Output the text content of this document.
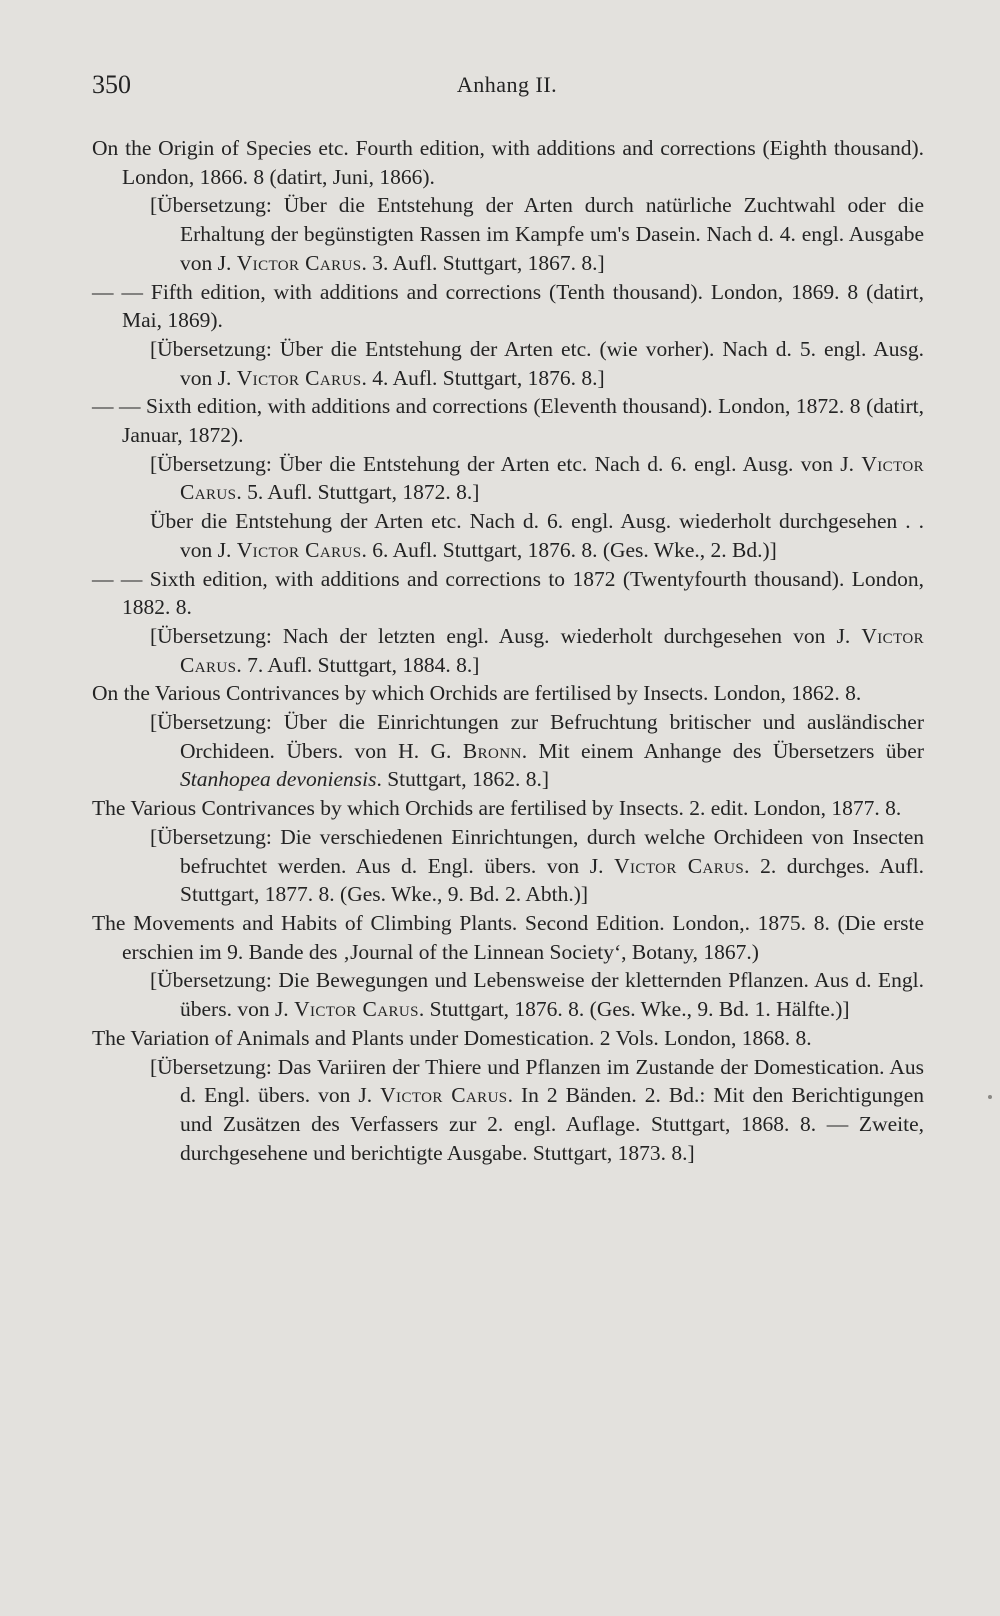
350	Anhang II.

On the Origin of Species etc. Fourth edition, with additions and corrections (Eighth thousand). London, 1866. 8 (datirt, Juni, 1866).

[Übersetzung: Über die Entstehung der Arten durch natürliche Zuchtwahl oder die Erhaltung der begünstigten Rassen im Kampfe um's Dasein. Nach d. 4. engl. Ausgabe von J. Victor Carus. 3. Aufl. Stuttgart, 1867. 8.]

— — Fifth edition, with additions and corrections (Tenth thousand). London, 1869. 8 (datirt, Mai, 1869).

[Übersetzung: Über die Entstehung der Arten etc. (wie vorher). Nach d. 5. engl. Ausg. von J. Victor Carus. 4. Aufl. Stuttgart, 1876. 8.]

— — Sixth edition, with additions and corrections (Eleventh thousand). London, 1872. 8 (datirt, Januar, 1872).

[Übersetzung: Über die Entstehung der Arten etc. Nach d. 6. engl. Ausg. von J. Victor Carus. 5. Aufl. Stuttgart, 1872. 8.]

Über die Entstehung der Arten etc. Nach d. 6. engl. Ausg. wiederholt durchgesehen . . von J. Victor Carus. 6. Aufl. Stuttgart, 1876. 8. (Ges. Wke., 2. Bd.)]

— — Sixth edition, with additions and corrections to 1872 (Twentyfourth thousand). London, 1882. 8.

[Übersetzung: Nach der letzten engl. Ausg. wiederholt durchgesehen von J. Victor Carus. 7. Aufl. Stuttgart, 1884. 8.]

On the Various Contrivances by which Orchids are fertilised by Insects. London, 1862. 8.

[Übersetzung: Über die Einrichtungen zur Befruchtung britischer und ausländischer Orchideen. Übers. von H. G. Bronn. Mit einem Anhange des Übersetzers über Stanhopea devoniensis. Stuttgart, 1862. 8.]

The Various Contrivances by which Orchids are fertilised by Insects. 2. edit. London, 1877. 8.

[Übersetzung: Die verschiedenen Einrichtungen, durch welche Orchideen von Insecten befruchtet werden. Aus d. Engl. übers. von J. Victor Carus. 2. durchges. Aufl. Stuttgart, 1877. 8. (Ges. Wke., 9. Bd. 2. Abth.)]

The Movements and Habits of Climbing Plants. Second Edition. London,. 1875. 8. (Die erste erschien im 9. Bande des ‚Journal of the Linnean Society‘, Botany, 1867.)

[Übersetzung: Die Bewegungen und Lebensweise der kletternden Pflanzen. Aus d. Engl. übers. von J. Victor Carus. Stuttgart, 1876. 8. (Ges. Wke., 9. Bd. 1. Hälfte.)]

The Variation of Animals and Plants under Domestication. 2 Vols. London, 1868. 8.

[Übersetzung: Das Variiren der Thiere und Pflanzen im Zustande der Domestication. Aus d. Engl. übers. von J. Victor Carus. In 2 Bänden. 2. Bd.: Mit den Berichtigungen und Zusätzen des Verfassers zur 2. engl. Auflage. Stuttgart, 1868. 8. — Zweite, durchgesehene und berichtigte Ausgabe. Stuttgart, 1873. 8.]
